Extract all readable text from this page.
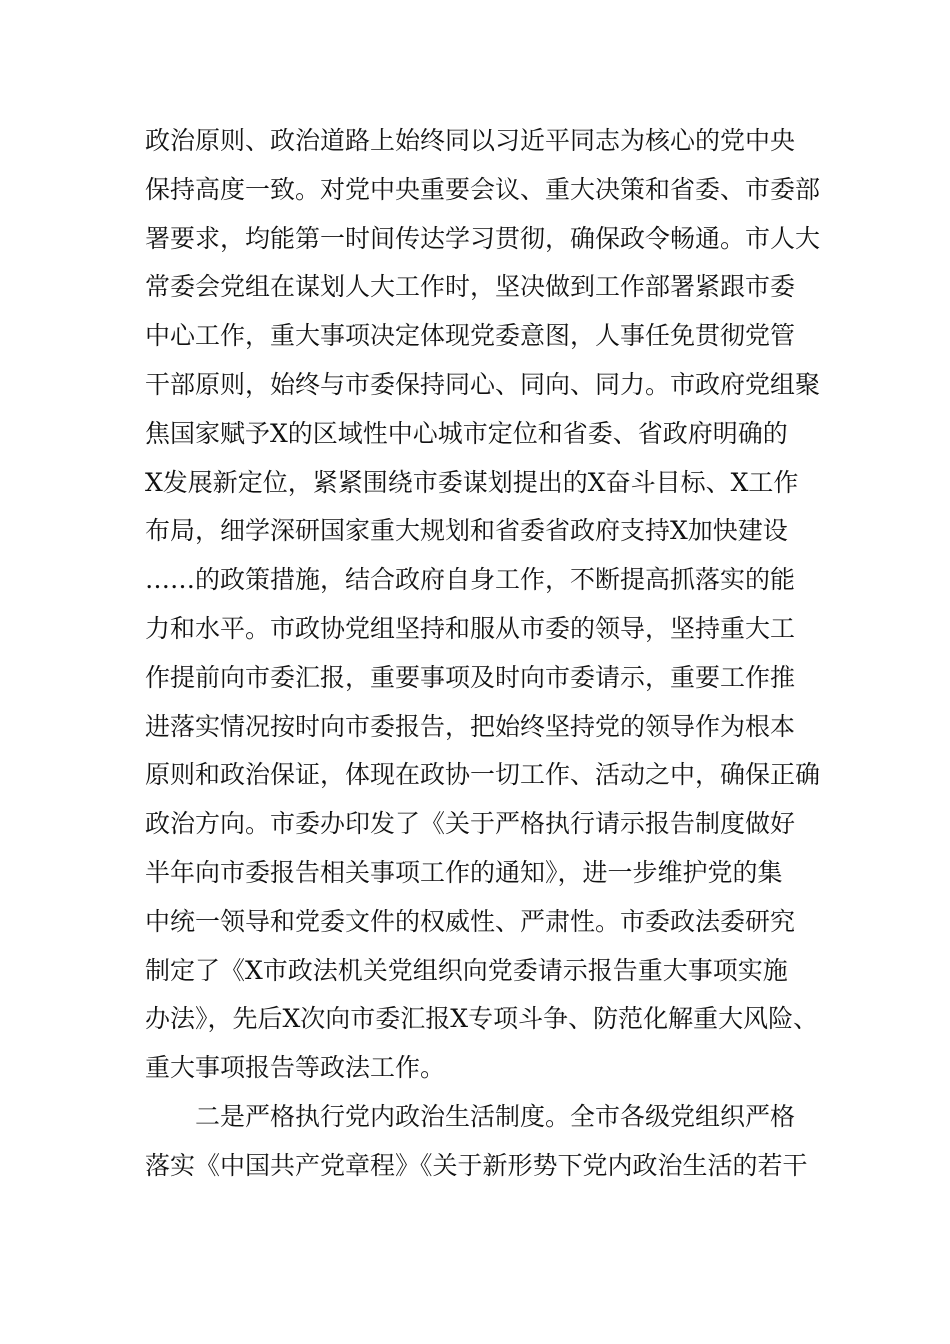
政治原则、政治道路上始终同以习近平同志为核心的党中央
保持高度一致。对党中央重要会议、重大决策和省委、市委部
署要求，均能第一时间传达学习贯彻，确保政令畅通。市人大
常委会党组在谋划人大工作时，坚决做到工作部署紧跟市委
中心工作，重大事项决定体现党委意图，人事任免贯彻党管
干部原则，始终与市委保持同心、同向、同力。市政府党组聚
焦国家赋予X的区域性中心城市定位和省委、省政府明确的
X发展新定位，紧紧围绕市委谋划提出的X奋斗目标、X工作
布局，细学深研国家重大规划和省委省政府支持X加快建设
……的政策措施，结合政府自身工作，不断提高抓落实的能
力和水平。市政协党组坚持和服从市委的领导，坚持重大工
作提前向市委汇报，重要事项及时向市委请示，重要工作推
进落实情况按时向市委报告，把始终坚持党的领导作为根本
原则和政治保证，体现在政协一切工作、活动之中，确保正确
政治方向。市委办印发了《关于严格执行请示报告制度做好
半年向市委报告相关事项工作的通知》，进一步维护党的集
中统一领导和党委文件的权威性、严肃性。市委政法委研究
制定了《X市政法机关党组织向党委请示报告重大事项实施
办法》，先后X次向市委汇报X专项斗争、防范化解重大风险、
重大事项报告等政法工作。
二是严格执行党内政治生活制度。全市各级党组织严格
落实《中国共产党章程》《关于新形势下党内政治生活的若干
